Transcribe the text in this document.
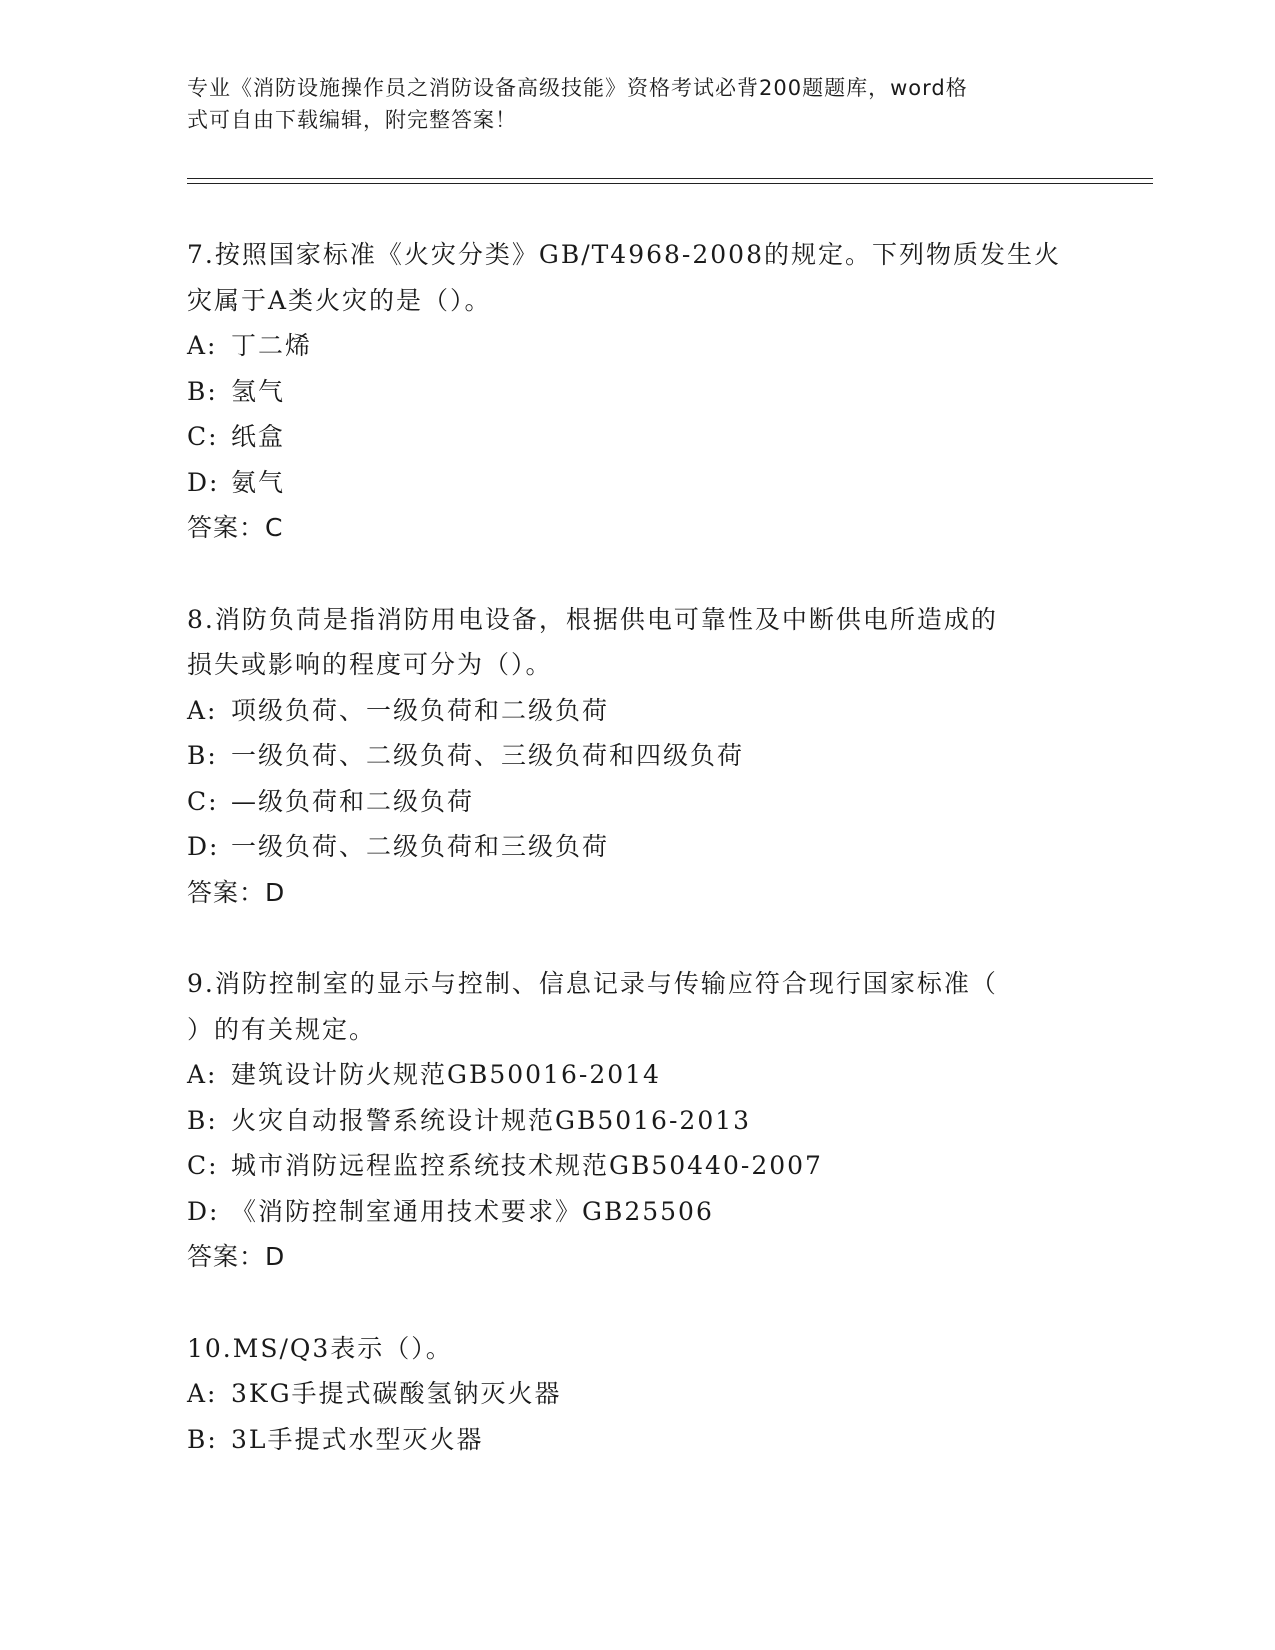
专业《消防设施操作员之消防设备高级技能》资格考试必背200题题库，word格
式可自由下载编辑，附完整答案！
7.按照国家标准《火灾分类》GB/T4968-2008的规定。下列物质发生火
灾属于A类火灾的是（）。
A: 丁二烯
B: 氢气
C: 纸盒
D: 氨气
答案：C
8.消防负苘是指消防用电设备，根据供电可靠性及中断供电所造成的
损失或影响的程度可分为（）。
A: 项级负荷、一级负荷和二级负荷
B: 一级负荷、二级负荷、三级负荷和四级负荷
C: —级负荷和二级负荷
D: 一级负荷、二级负荷和三级负荷
答案：D
9.消防控制室的显示与控制、信息记录与传输应符合现行国家标准（
）的有关规定。
A: 建筑设计防火规范GB50016-2014
B: 火灾自动报警系统设计规范GB5016-2013
C: 城市消防远程监控系统技术规范GB50440-2007
D: 《消防控制室通用技术要求》GB25506
答案：D
10.MS/Q3表示（）。
A: 3KG手提式碳酸氢钠灭火器
B: 3L手提式水型灭火器
